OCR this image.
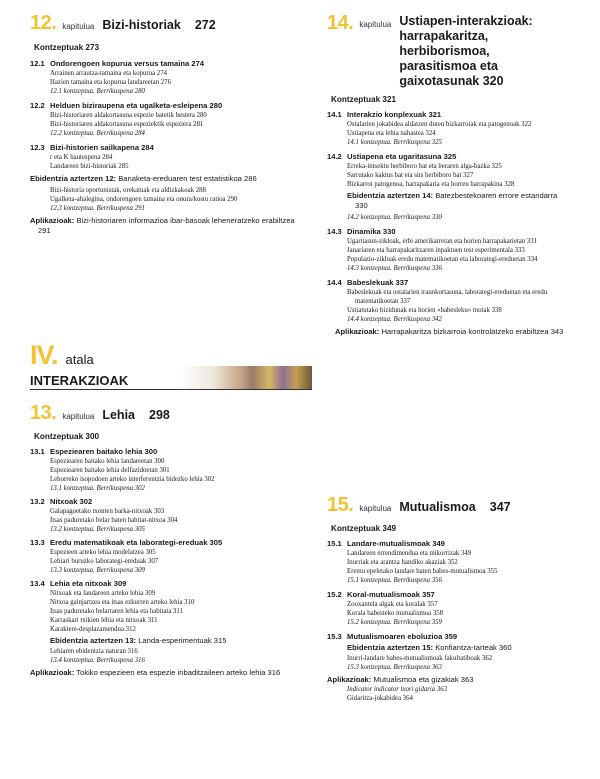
12. kapitulua Bizi-historiak 272
Kontzeptuak 273
12.1 Ondorengoen kopurua versus tamaina 274
Arrainen arrautza-tamaina eta kopurua 274
Hazien tamaina eta kopurua landareetan 276
12.1 kontzeptua. Berrikuspena 280
12.2 Helduen biziraupena eta ugalketa-esleipena 280
Bizi-historiaren aldakortasuna espezie batetik bestera 280
Bizi-historiaren aldakortasuna espeziektik espeziera 281
12.2 kontzeptua. Berrikuspena 284
12.3 Bizi-historien sailkapena 284
r eta K hautespena 284
Landareen bizi-historiak 285
Ebidentzia aztertzen 12: Banaketa-ereduaren test estatistikoa 286
Bizi-historia oportunistak, orekatuak eta aldizkakoak 288
Ugalketa-ahalegina, ondorengoen tamaina eta onura/kostu ratioa 290
12.3 kontzeptua. Berrikuspena 291
Aplikazioak: Bizi-historiaren informazioa ibar-basoak leheneratzeko erabiltzea 291
IV. atala
INTERAKZIOAK
13. kapitulua Lehia 298
Kontzeptuak 300
13.1 Espeziearen baitako lehia 300
Espeziearen baitako lehia landareetan 300
Espeziearen baitako lehia delfazidoetan 301
Lehorreko isopodoen arteko interferentzia bidezko lehia 302
13.1 kontzeptua. Berrikuspena 302
13.2 Nitxoak 302
Galapagoetako txonten barka-nitxoak 303
Itsas paduretako belar baten habitat-nitxoa 304
13.2 kontzeptua. Berrikuspena 305
13.3 Eredu matematikoak eta laborategi-ereduak 305
Espezieen arteko lehia modelatzea 305
Lehiari buruzko laborategi-ereduak 307
13.3 kontzeptua. Berrikuspena 309
13.4 Lehia eta nitxoak 309
Nitxoak eta landareen arteko lehia 309
Nitxoa gainjartzea eta itsas ezkurren arteko lehia 310
Itsas paduretako belarraren lehia eta habitata 311
Karraskari txikien lehia eta nitxoak 311
Karaktere-desplazamendua 312
Ebidentzia aztertzen 13: Landa-esperimentuak 315
Lehiaren ebidentzia naturan 316
13.4 kontzeptua. Berrikuspena 316
Aplikazioak: Tokiko espezieen eta espezie inbaditzaileen arteko lehia 316
14. kapitulua Ustiapen-interakzioak:
harrapakaritza, herbiborismoa,
parasitismoa eta
gaixotasunak 320
Kontzeptuak 321
14.1 Interakzio konplexuak 321
Ostalarien jokabidea aldatzen duten bizkarroiak eta patogenoak 322
Ustiapena eta lehia nahastea 324
14.1 kontzeptua. Berrikuspena 325
14.2 Ustiapena eta ugaritasuna 325
Erreka-intsektu herbiboro bat eta beraren alga-bazka 325
Sarrutako kaktus bat eta sits herbiboro bat 327
Bizkarroi patogenoa, harrapakaria eta horren harrapakina 328
Ebidentzia aztertzen 14: Batezbestekoaren errore estandarra 330
14.2 kontzeptua. Berrikuspena 330
14.3 Dinamika 330
Ugaritasun-zikloak, erbi amerikarretan eta horien harrapakarietan 331
Janariaren eta harrapakaritzaren inpaktuen test esperimentala 333
Populazio-zikloak eredu matematikoetan eta laborategi-ereduetan 334
14.3 kontzeptua. Berrikuspena 336
14.4 Babeslekuak 337
Babeslekuak eta ostalarien iraunkortasuna, laborategi-ereduetan eta eredu matematikoetan 337
Ustiatutako bizidunak eta horien «babesleku» motak 338
14.4 kontzeptua. Berrikuspena 342
Aplikazioak: Harrapakaritza bizkarroia kontrolatzeko erabiltzea 343
15. kapitulua Mutualismoa 347
Kontzeptuak 349
15.1 Landare-mutualismoak 349
Landareen errendimendua eta mikorrizak 349
Inurriak eta arantza handiko akaziak 352
Eremu epeletako landare baten babes-mutualismoa 355
15.1 kontzeptua. Berrikuspena 356
15.2 Koral-mutualismoak 357
Zooxantela algak eta koralak 357
Korala babesteko mutualismoa 358
15.2 kontzeptua. Berrikuspena 359
15.3 Mutualismoaren eboluzioa 359
Ebidentzia aztertzen 15: Konfiantza-tarteak 360
Inurri-landare babes-mutualismoak fakultatiboak 362
15.3 kontzeptua. Berrikuspena 363
Aplikazioak: Mutualismoa eta gizakiak 363
Indicator indicator txori gidaria 363
Gidaritza-jokabidea 364
